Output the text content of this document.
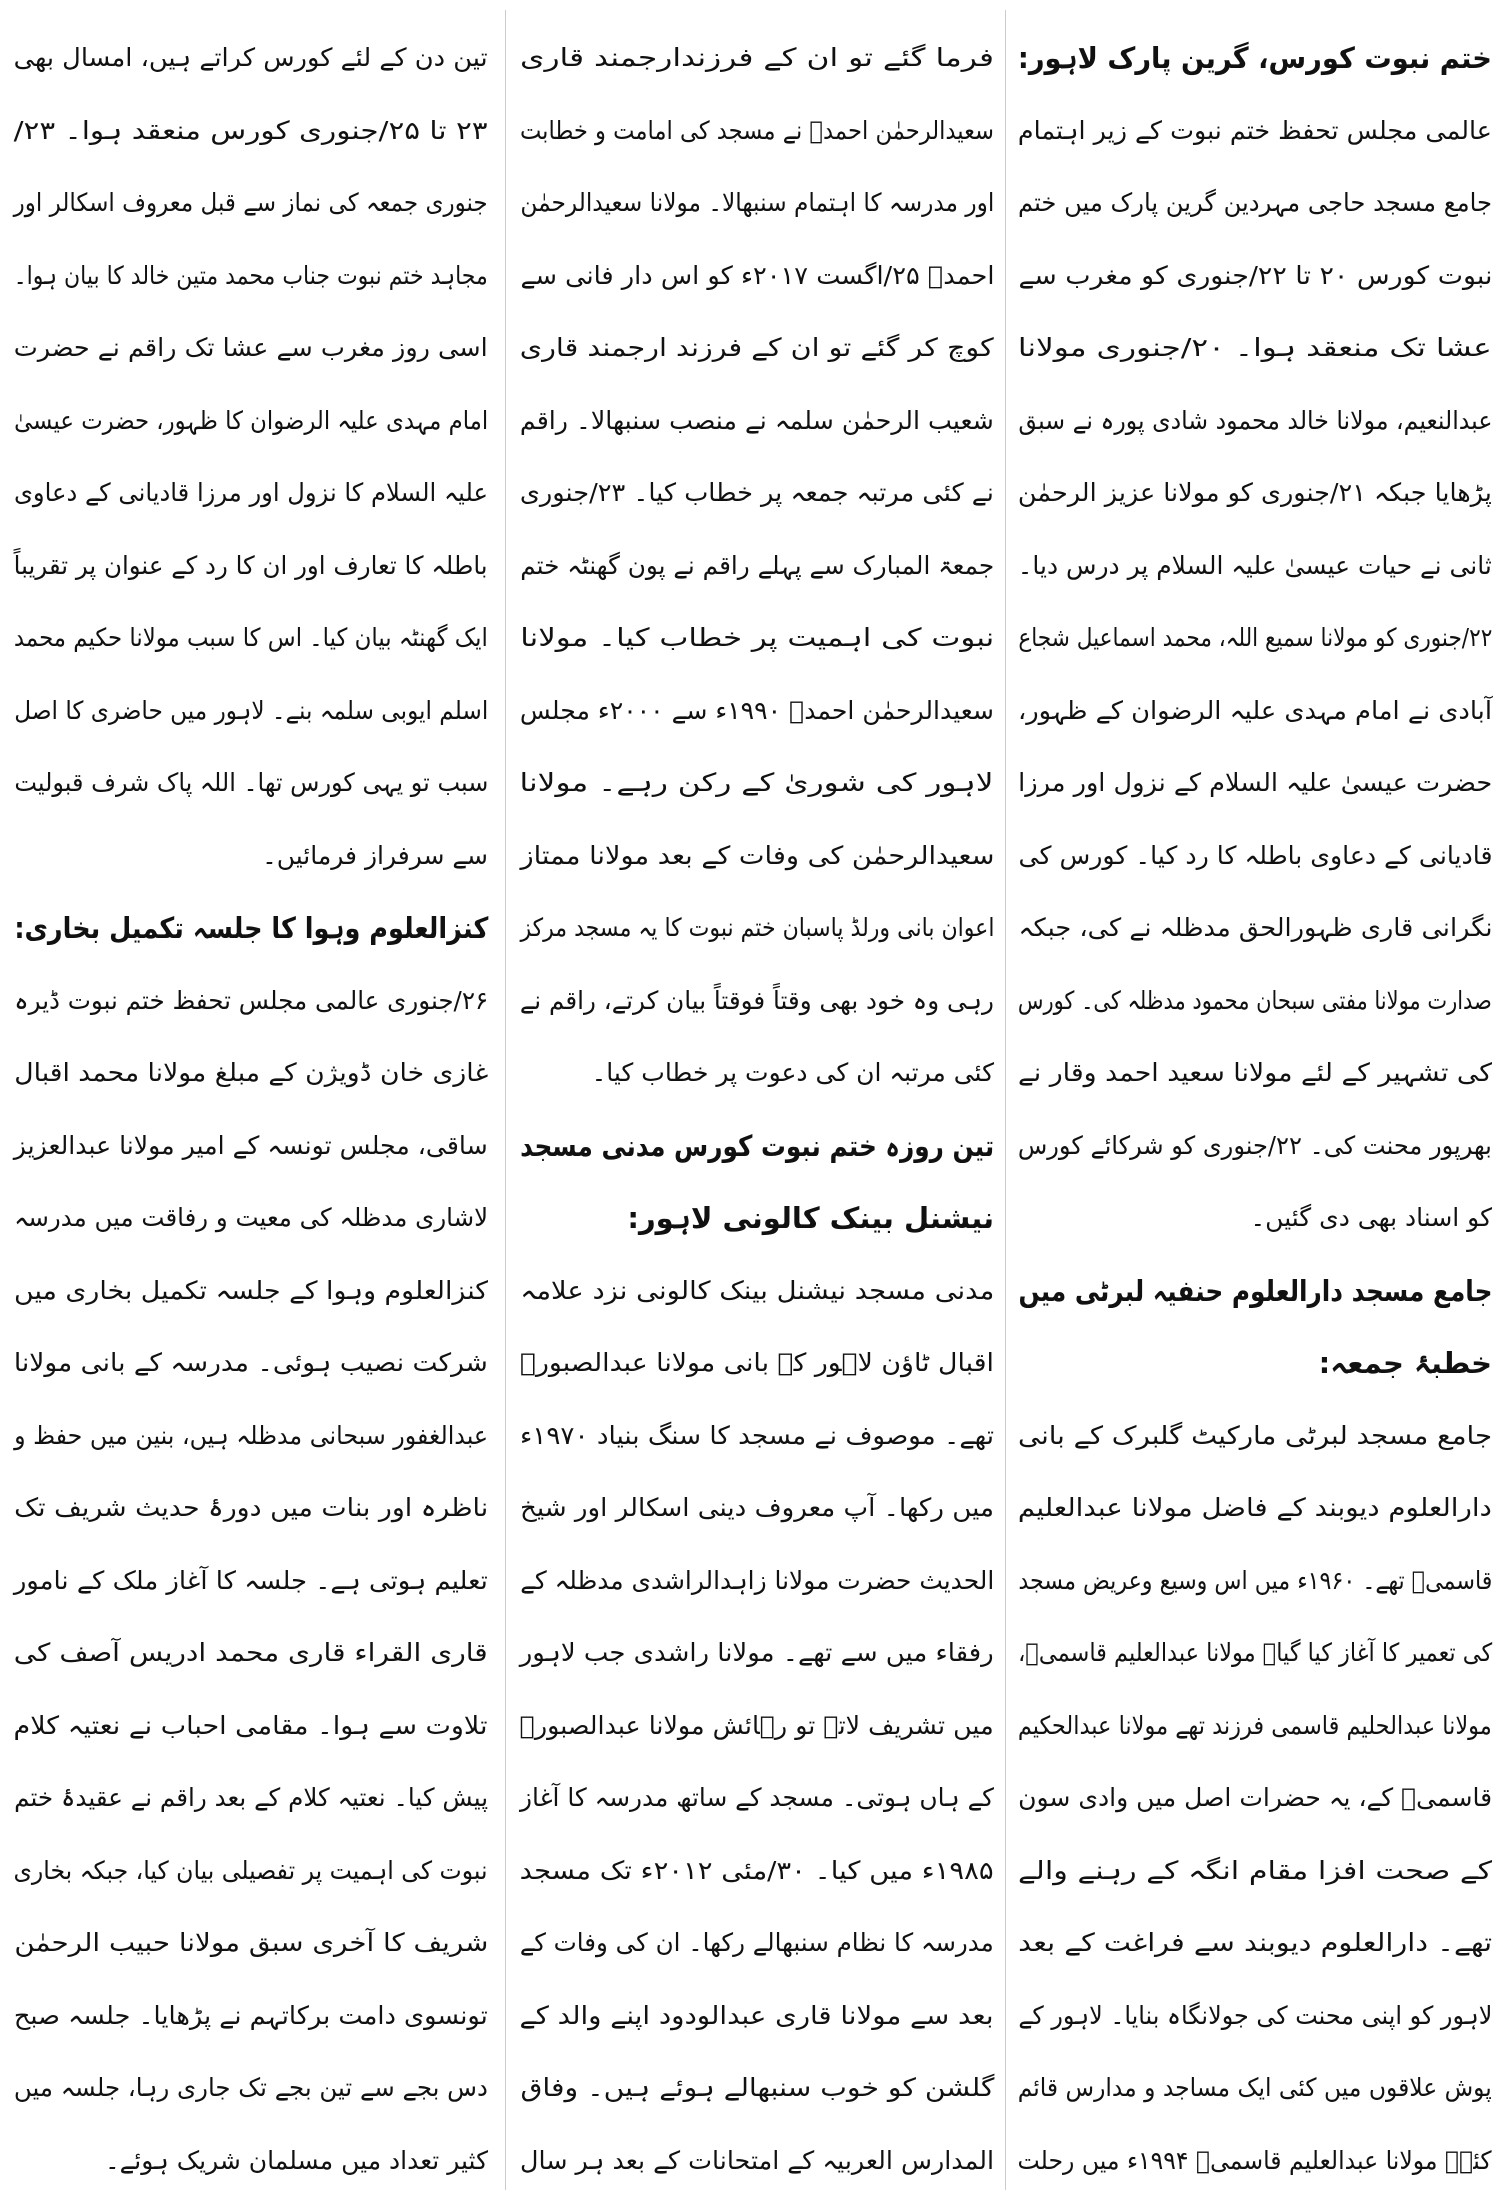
ختم نبوت کورس، گرین پارک لاہور:
عالمی مجلس تحفظ ختم نبوت کے زیر اہتمام
جامع مسجد حاجی مہردین گرین پارک میں ختم
نبوت کورس ۲۰ تا ۲۲/جنوری کو مغرب سے
عشا تک منعقد ہوا۔ ۲۰/جنوری مولانا
عبدالنعیم، مولانا خالد محمود شادی پورہ نے سبق
پڑھایا جبکہ ۲۱/جنوری کو مولانا عزیز الرحمٰن
ثانی نے حیات عیسیٰ علیہ السلام پر درس دیا۔
۲۲/جنوری کو مولانا سمیع اللہ، محمد اسماعیل شجاع
آبادی نے امام مہدی علیہ الرضوان کے ظہور،
حضرت عیسیٰ علیہ السلام کے نزول اور مرزا
قادیانی کے دعاوی باطلہ کا رد کیا۔ کورس کی
نگرانی قاری ظہورالحق مدظلہ نے کی، جبکہ
صدارت مولانا مفتی سبحان محمود مدظلہ کی۔ کورس
کی تشہیر کے لئے مولانا سعید احمد وقار نے
بھرپور محنت کی۔ ۲۲/جنوری کو شرکائے کورس
کو اسناد بھی دی گئیں۔
جامع مسجد دارالعلوم حنفیہ لبرٹی میں
خطبۂ جمعہ:
جامع مسجد لبرٹی مارکیٹ گلبرک کے بانی
دارالعلوم دیوبند کے فاضل مولانا عبدالعلیم
قاسمیؒ تھے۔ ۱۹۶۰ء میں اس وسیع وعریض مسجد
کی تعمیر کا آغاز کیا گیا۔ مولانا عبدالعلیم قاسمیؒ،
مولانا عبدالحلیم قاسمی فرزند تھے مولانا عبدالحکیم
قاسمیؒ کے، یہ حضرات اصل میں وادی سون
کے صحت افزا مقام انگہ کے رہنے والے
تھے۔ دارالعلوم دیوبند سے فراغت کے بعد
لاہور کو اپنی محنت کی جولانگاہ بنایا۔ لاہور کے
پوش علاقوں میں کئی ایک مساجد و مدارس قائم
کئے۔ مولانا عبدالعلیم قاسمیؒ ۱۹۹۴ء میں رحلت
فرما گئے تو ان کے فرزندارجمند قاری
سعیدالرحمٰن احمدؒ نے مسجد کی امامت و خطابت
اور مدرسہ کا اہتمام سنبھالا۔ مولانا سعیدالرحمٰن
احمدؒ ۲۵/اگست ۲۰۱۷ء کو اس دار فانی سے
کوچ کر گئے تو ان کے فرزند ارجمند قاری
شعیب الرحمٰن سلمہ نے منصب سنبھالا۔ راقم
نے کئی مرتبہ جمعہ پر خطاب کیا۔ ۲۳/جنوری
جمعۃ المبارک سے پہلے راقم نے پون گھنٹہ ختم
نبوت کی اہمیت پر خطاب کیا۔ مولانا
سعیدالرحمٰن احمدؒ ۱۹۹۰ء سے ۲۰۰۰ء مجلس
لاہور کی شوریٰ کے رکن رہے۔ مولانا
سعیدالرحمٰن کی وفات کے بعد مولانا ممتاز
اعوان بانی ورلڈ پاسبان ختم نبوت کا یہ مسجد مرکز
رہی وہ خود بھی وقتاً فوقتاً بیان کرتے، راقم نے
کئی مرتبہ ان کی دعوت پر خطاب کیا۔
تین روزہ ختم نبوت کورس مدنی مسجد
نیشنل بینک کالونی لاہور:
مدنی مسجد نیشنل بینک کالونی نزد علامہ
اقبال ٹاؤن لاہور کے بانی مولانا عبدالصبورؒ
تھے۔ موصوف نے مسجد کا سنگ بنیاد ۱۹۷۰ء
میں رکھا۔ آپ معروف دینی اسکالر اور شیخ
الحدیث حضرت مولانا زاہدالراشدی مدظلہ کے
رفقاء میں سے تھے۔ مولانا راشدی جب لاہور
میں تشریف لاتے تو رہائش مولانا عبدالصبورؒ
کے ہاں ہوتی۔ مسجد کے ساتھ مدرسہ کا آغاز
۱۹۸۵ء میں کیا۔ ۳۰/مئی ۲۰۱۲ء تک مسجد
مدرسہ کا نظام سنبھالے رکھا۔ ان کی وفات کے
بعد سے مولانا قاری عبدالودود اپنے والد کے
گلشن کو خوب سنبھالے ہوئے ہیں۔ وفاق
المدارس العربیہ کے امتحانات کے بعد ہر سال
تین دن کے لئے کورس کراتے ہیں، امسال بھی
۲۳ تا ۲۵/جنوری کورس منعقد ہوا۔ ۲۳/
جنوری جمعہ کی نماز سے قبل معروف اسکالر اور
مجاہد ختم نبوت جناب محمد متین خالد کا بیان ہوا۔
اسی روز مغرب سے عشا تک راقم نے حضرت
امام مہدی علیہ الرضوان کا ظہور، حضرت عیسیٰ
علیہ السلام کا نزول اور مرزا قادیانی کے دعاوی
باطلہ کا تعارف اور ان کا رد کے عنوان پر تقریباً
ایک گھنٹہ بیان کیا۔ اس کا سبب مولانا حکیم محمد
اسلم ایوبی سلمہ بنے۔ لاہور میں حاضری کا اصل
سبب تو یہی کورس تھا۔ اللہ پاک شرف قبولیت
سے سرفراز فرمائیں۔
کنزالعلوم وہوا کا جلسہ تکمیل بخاری:
۲۶/جنوری عالمی مجلس تحفظ ختم نبوت ڈیرہ
غازی خان ڈویژن کے مبلغ مولانا محمد اقبال
ساقی، مجلس تونسہ کے امیر مولانا عبدالعزیز
لاشاری مدظلہ کی معیت و رفاقت میں مدرسہ
کنزالعلوم وہوا کے جلسہ تکمیل بخاری میں
شرکت نصیب ہوئی۔ مدرسہ کے بانی مولانا
عبدالغفور سبحانی مدظلہ ہیں، بنین میں حفظ و
ناظرہ اور بنات میں دورۂ حدیث شریف تک
تعلیم ہوتی ہے۔ جلسہ کا آغاز ملک کے نامور
قاری القراء قاری محمد ادریس آصف کی
تلاوت سے ہوا۔ مقامی احباب نے نعتیہ کلام
پیش کیا۔ نعتیہ کلام کے بعد راقم نے عقیدۂ ختم
نبوت کی اہمیت پر تفصیلی بیان کیا، جبکہ بخاری
شریف کا آخری سبق مولانا حبیب الرحمٰن
تونسوی دامت برکاتہم نے پڑھایا۔ جلسہ صبح
دس بجے سے تین بجے تک جاری رہا، جلسہ میں
کثیر تعداد میں مسلمان شریک ہوئے۔
